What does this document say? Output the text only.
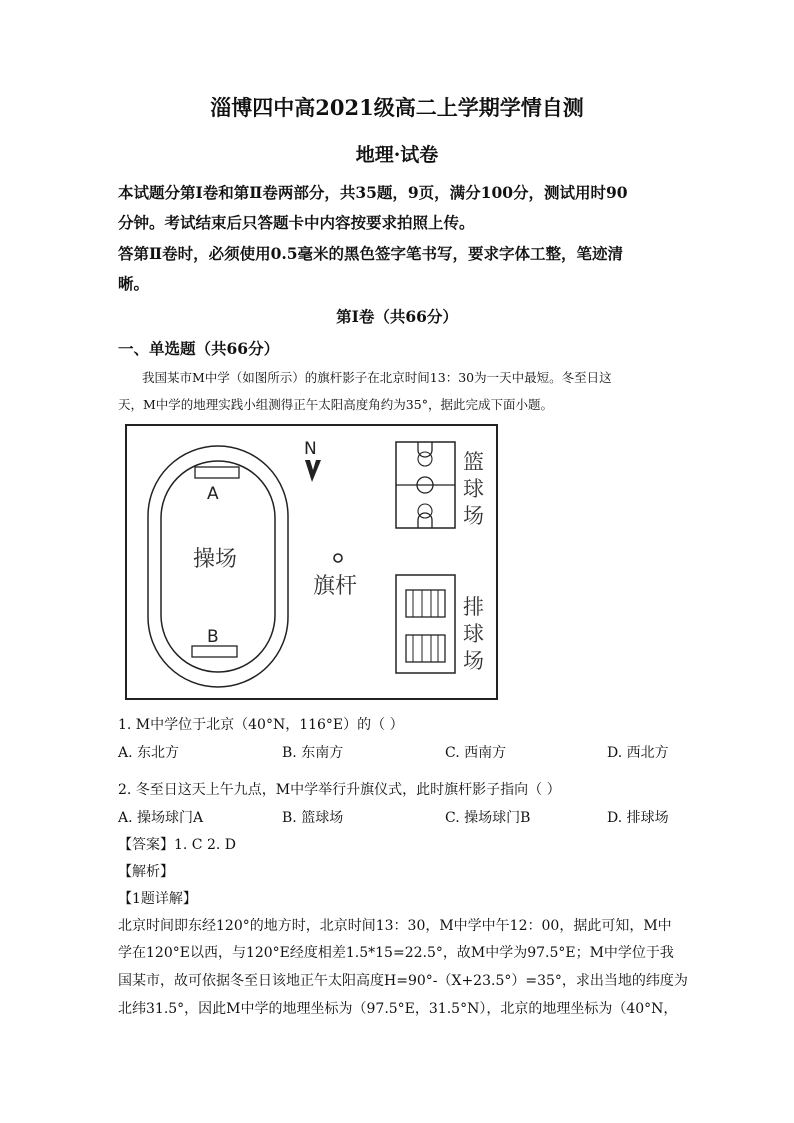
淄博四中高2021级高二上学期学情自测
地理·试卷
本试题分第Ⅰ卷和第Ⅱ卷两部分，共35题，9页，满分100分，测试用时90
分钟。考试结束后只答题卡中内容按要求拍照上传。
答第Ⅱ卷时，必须使用0.5毫米的黑色签字笔书写，要求字体工整，笔迹清
晰。
第Ⅰ卷（共66分）
一、单选题（共66分）
我国某市M中学（如图所示）的旗杆影子在北京时间13：30为一天中最短。冬至日这
天，M中学的地理实践小组测得正午太阳高度角约为35°，据此完成下面小题。
A
B
操场
N
旗杆
篮
球
场
排
球
场
1. M中学位于北京（40°N，116°E）的（ ）
A. 东北方	B. 东南方	C. 西南方	D. 西北方
2. 冬至日这天上午九点，M中学举行升旗仪式，此时旗杆影子指向（ ）
A. 操场球门A	B. 篮球场	C. 操场球门B	D. 排球场
【答案】1. C 2. D
【解析】
【1题详解】
北京时间即东经120°的地方时，北京时间13：30，M中学中午12：00，据此可知，M中
学在120°E以西，与120°E经度相差1.5*15=22.5°，故M中学为97.5°E；M中学位于我
国某市，故可依据冬至日该地正午太阳高度H=90°-（X+23.5°）=35°，求出当地的纬度为
北纬31.5°，因此M中学的地理坐标为（97.5°E，31.5°N），北京的地理坐标为（40°N，
